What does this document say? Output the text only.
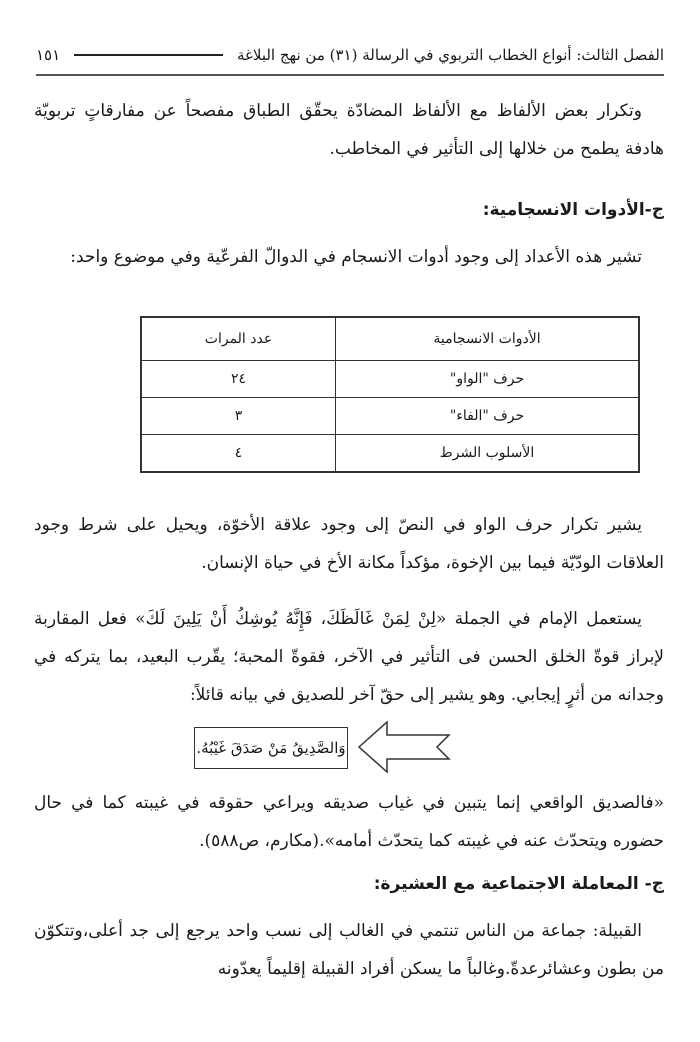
الفصل الثالث: أنواع الخطاب التربوي في الرسالة (٣١) من نهج البلاغة
١٥١

وتكرار بعض الألفاظ مع الألفاظ المضادّة يحقّق الطباق مفصحاً عن مفارقاتٍ تربويّة هادفة يطمح من خلالها إلى التأثير في المخاطب.

ج-الأدوات الانسجامية:

تشير هذه الأعداد إلى وجود أدوات الانسجام في الدوالّ الفرعّية وفي موضوع واحد:

الأدوات الانسجامية	عدد المرات
حرف "الواو"	٢٤
حرف "الفاء"	٣
الأسلوب الشرط	٤

يشير تكرار حرف الواو في النصّ إلى وجود علاقة الأخوّة، ويحيل على شرط وجود العلاقات الودّيّة فيما بين الإخوة، مؤكداً مكانة الأخ في حياة الإنسان.

يستعمل الإمام في الجملة «لِنْ لِمَنْ غَالَظَكَ، فَإِنَّهُ يُوشِكُ أَنْ يَلِينَ لَكَ» فعل المقاربة لإبراز قوةّ الخلق الحسن فى التأثير في الآخر، فقوةّ المحبة؛ يقّرب البعيد، بما يتركه في وجدانه من أثرٍ إيجابي. وهو يشير إلى حقّ آخر للصديق في بيانه قائلاً:

وَالصَّدِيقُ مَنْ صَدَقَ غَيْبُهُ.

«فالصديق الواقعي إنما يتبين في غياب صديقه ويراعي حقوقه في غيبته كما في حال حضوره ويتحدّث عنه في غيبته كما يتحدّث أمامه».(مكارم، ص٥٨٨).

ج- المعاملة الاجتماعية مع العشيرة:

القبيلة: جماعة من الناس تنتمي في الغالب إلى نسب واحد يرجع إلى جد أعلى،وتتكوّن من بطون وعشائرعدةّ.وغالباً ما يسكن أفراد القبيلة إقليماً يعدّونه
